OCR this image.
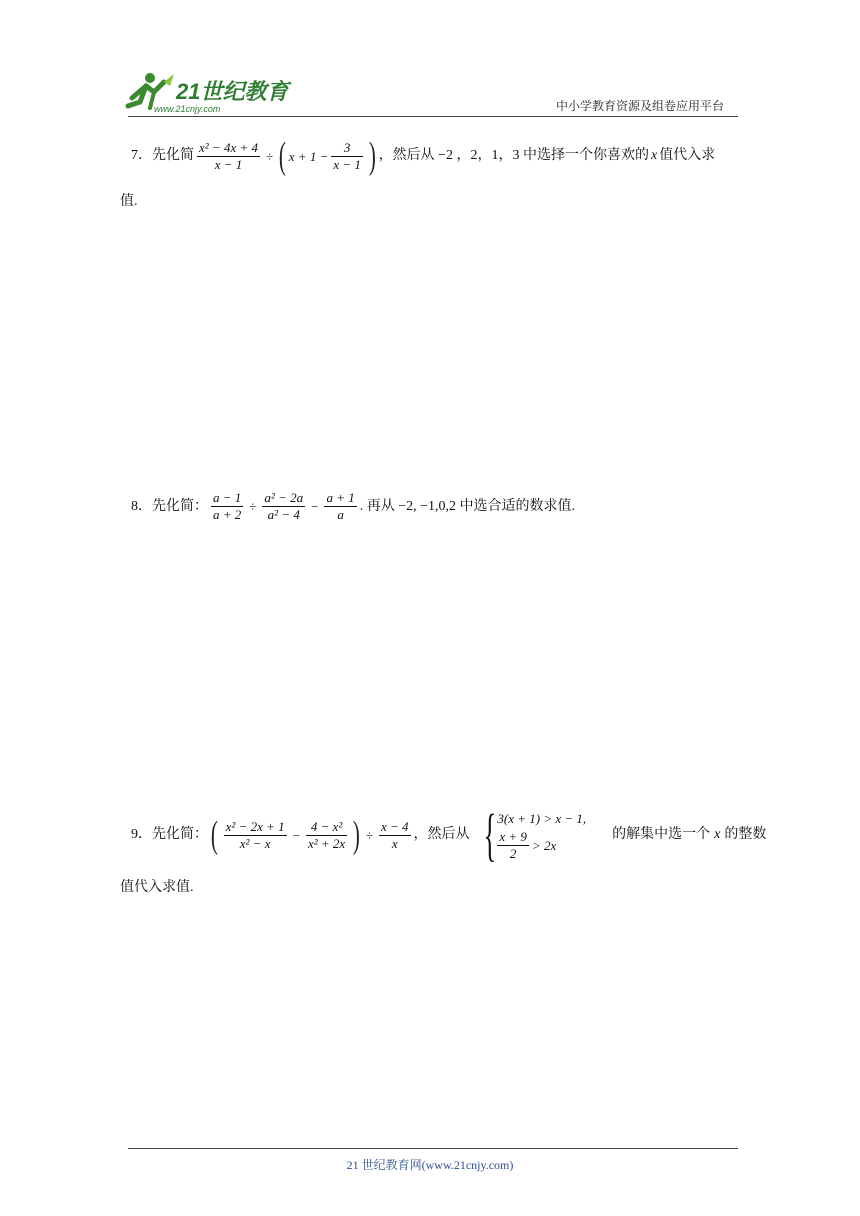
21世纪教育
www.21cnjy.com	中小学教育资源及组卷应用平台
7．先化简 $\frac{\text{x² − 4x + 4}}{x - 1}$ ÷ ( $x + 1 - \frac{3}{x - 1}$ ) ，然后从 −2 ，2，1，3 中选择一个你喜欢的 x 值代入求
值.
8．先化简： $\frac{a - 1}{a + 2} \div \frac{\text{a² − 2a}}{\text{a² − 4}} - \frac{a + 1}{a}$ . 再从 −2, −1,0,2 中选合适的数求值.
9．先化简： ( $\frac{\text{x² − 2x + 1}}{\text{x² − x}} - \frac{\text{4 − x²}}{\text{x² + 2x}}$ ) ÷ $\frac{x - 4}{x}$ ，然后从 { 3(x + 1) > x − 1,
$\frac{x + 9}{2} > 2x$
的解集中选一个 x 的整数
值代入求值.
21 世纪教育网(www.21cnjy.com)
